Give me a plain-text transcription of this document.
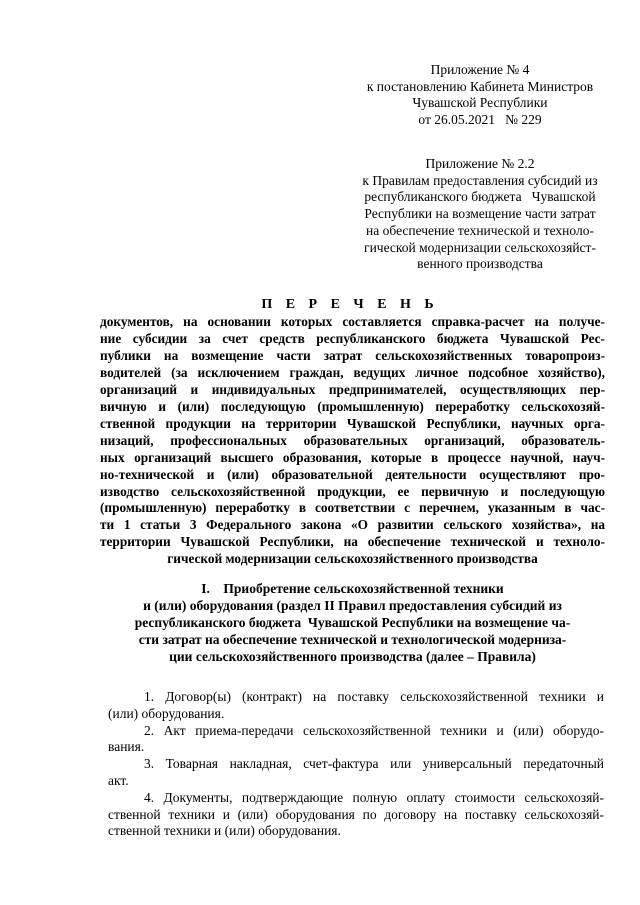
Приложение № 4
к постановлению Кабинета Министров
Чувашской Республики
от 26.05.2021   № 229
Приложение № 2.2
к Правилам предоставления субсидий из
республиканского бюджета   Чувашской
Республики на возмещение части затрат
на обеспечение технической и техноло-
гической модернизации сельскохозяйст-
венного производства
П Е Р Е Ч Е Н Ь
документов, на основании которых составляется справка-расчет на получе-
ние субсидии за счет средств республиканского бюджета Чувашской Рес-
публики на возмещение части затрат сельскохозяйственных товаропроиз-
водителей (за исключением граждан, ведущих личное подсобное хозяйство),
организаций и индивидуальных предпринимателей, осуществляющих пер-
вичную и (или) последующую (промышленную) переработку сельскохозяй-
ственной продукции на территории Чувашской Республики, научных орга-
низаций, профессиональных образовательных организаций, образователь-
ных организаций высшего образования, которые в процессе научной, науч-
но-технической и (или) образовательной деятельности осуществляют про-
изводство сельскохозяйственной продукции, ее первичную и последующую
(промышленную) переработку в соответствии с перечнем, указанным в час-
ти 1 статьи 3 Федерального закона «О развитии сельского хозяйства», на
территории Чувашской Республики, на обеспечение технической и техноло-
гической модернизации сельскохозяйственного производства
I.    Приобретение сельскохозяйственной техники
и (или) оборудования (раздел II Правил предоставления субсидий из
республиканского бюджета  Чувашской Республики на возмещение ча-
сти затрат на обеспечение технической и технологической модерниза-
ции сельскохозяйственного производства (далее – Правила)
1. Договор(ы) (контракт) на поставку сельскохозяйственной техники и
(или) оборудования.
2. Акт приема-передачи сельскохозяйственной техники и (или) оборудо-
вания.
3. Товарная накладная, счет-фактура или универсальный передаточный
акт.
4. Документы, подтверждающие полную оплату стоимости сельскохозяй-
ственной техники и (или) оборудования по договору на поставку сельскохозяй-
ственной техники и (или) оборудования.
